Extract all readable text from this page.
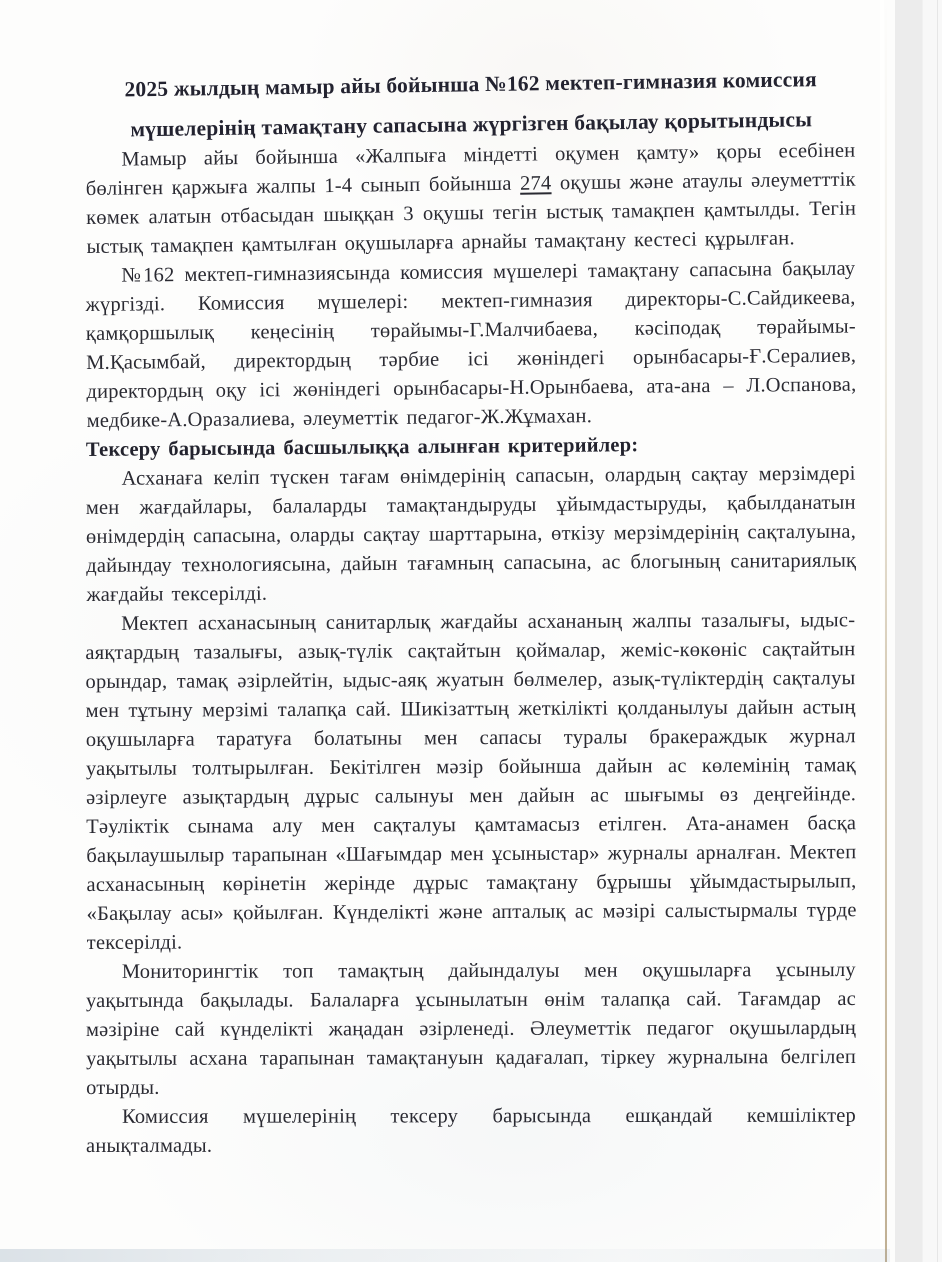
2025 жылдың мамыр айы бойынша №162 мектеп-гимназия комиссия
мүшелерінің тамақтану сапасына жүргізген бақылау қорытындысы

Мамыр айы бойынша «Жалпыға міндетті оқумен қамту» қоры есебінен бөлінген қаржыға жалпы 1-4 сынып бойынша 274 оқушы және атаулы әлеуметттік көмек алатын отбасыдан шыққан 3 оқушы тегін ыстық тамақпен қамтылды. Тегін ыстық тамақпен қамтылған оқушыларға арнайы тамақтану кестесі құрылған.

№162 мектеп-гимназиясында комиссия мүшелері тамақтану сапасына бақылау жүргізді. Комиссия мүшелері: мектеп-гимназия директоры-С.Сайдикеева, қамқоршылық кеңесінің төрайымы-Г.Малчибаева, кәсіподақ төрайымы-М.Қасымбай, директордың тәрбие ісі жөніндегі орынбасары-Ғ.Сералиев, директордың оқу ісі жөніндегі орынбасары-Н.Орынбаева, ата-ана – Л.Оспанова, медбике-А.Оразалиева, әлеуметтік педагог-Ж.Жұмахан.

Тексеру барысында басшылыққа алынған критерийлер:

Асханаға келіп түскен тағам өнімдерінің сапасын, олардың сақтау мерзімдері мен жағдайлары, балаларды тамақтандыруды ұйымдастыруды, қабылданатын өнімдердің сапасына, оларды сақтау шарттарына, өткізу мерзімдерінің сақталуына, дайындау технологиясына, дайын тағамның сапасына, ас блогының санитариялық жағдайы тексерілді.

Мектеп асханасының санитарлық жағдайы асхананың жалпы тазалығы, ыдыс-аяқтардың тазалығы, азық-түлік сақтайтын қоймалар, жеміс-көкөніс сақтайтын орындар, тамақ әзірлейтін, ыдыс-аяқ жуатын бөлмелер, азық-түліктердің сақталуы мен тұтыну мерзімі талапқа сай. Шикізаттың жеткілікті қолданылуы дайын астың оқушыларға таратуға болатыны мен сапасы туралы бракераждык журнал уақытылы толтырылған. Бекітілген мәзір бойынша дайын ас көлемінің тамақ әзірлеуге азықтардың дұрыс салынуы мен дайын ас шығымы өз деңгейінде. Тәуліктік сынама алу мен сақталуы қамтамасыз етілген. Ата-анамен басқа бақылаушылыр тарапынан «Шағымдар мен ұсыныстар» журналы арналған. Мектеп асханасының көрінетін жерінде дұрыс тамақтану бұрышы ұйымдастырылып, «Бақылау асы» қойылған. Күнделікті және апталық ас мәзірі салыстырмалы түрде тексерілді.

Мониторингтік топ тамақтың дайындалуы мен оқушыларға ұсынылу уақытында бақылады. Балаларға ұсынылатын өнім талапқа сай. Тағамдар ас мәзіріне сай күнделікті жаңадан әзірленеді. Әлеуметтік педагог оқушылардың уақытылы асхана тарапынан тамақтануын қадағалап, тіркеу журналына белгілеп отырды.

Комиссия мүшелерінің тексеру барысында ешқандай кемшіліктер анықталмады.
